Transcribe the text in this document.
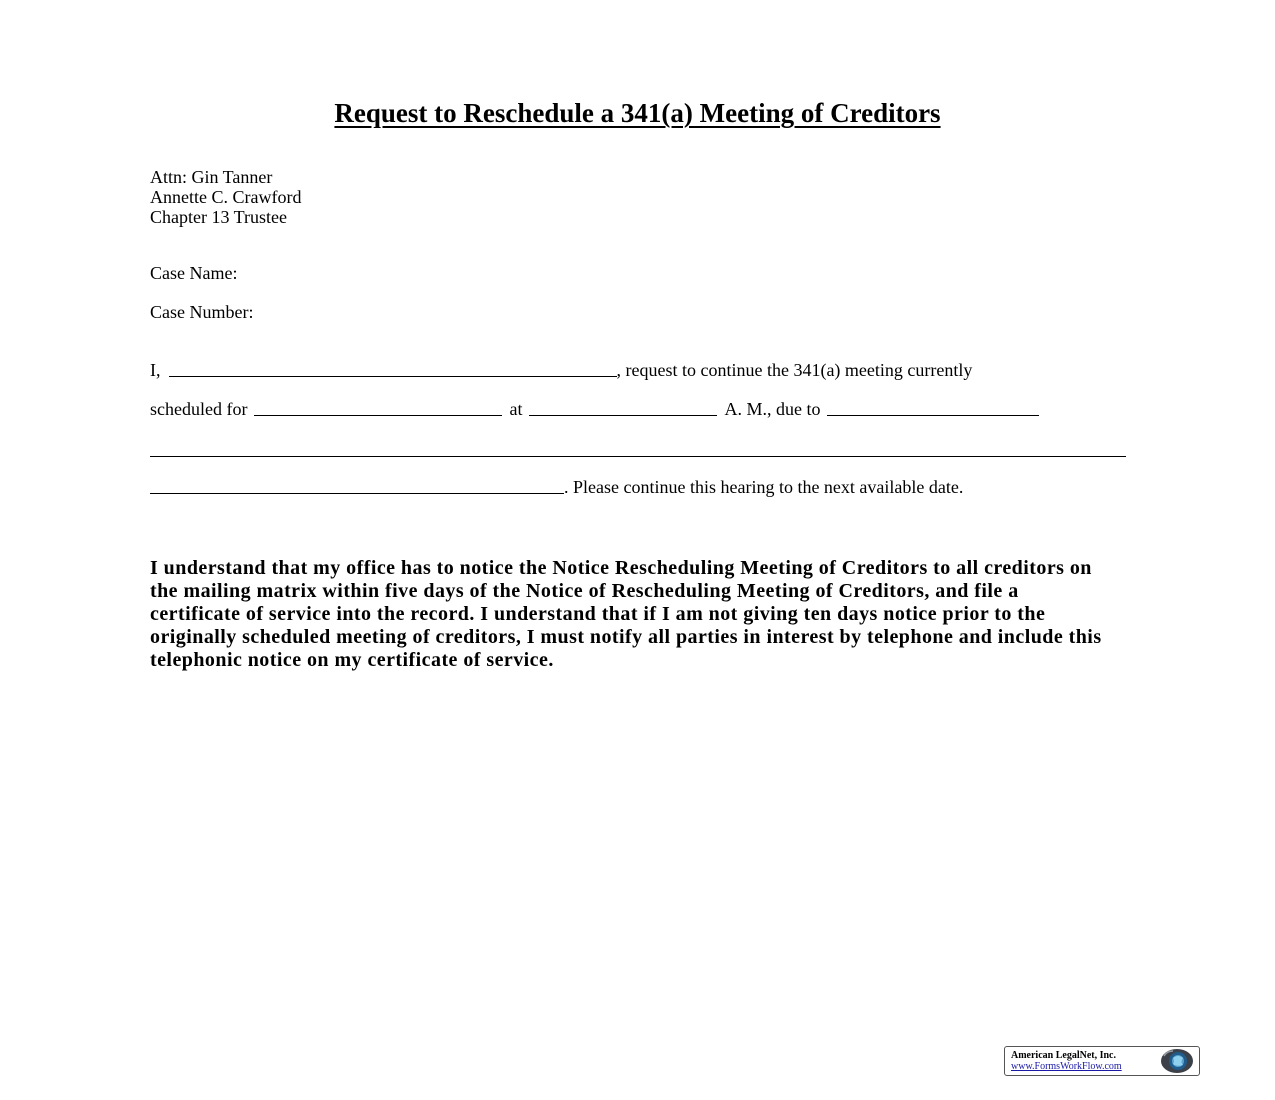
Request to Reschedule a 341(a) Meeting of Creditors
Attn: Gin Tanner
Annette C. Crawford
Chapter 13 Trustee
Case Name:
Case Number:
I,	, request to continue the 341(a) meeting currently
scheduled for	at	A. M., due to
. Please continue this hearing to the next available date.
I understand that my office has to notice the Notice Rescheduling Meeting of Creditors to all creditors on the mailing matrix within five days of the Notice of Rescheduling Meeting of Creditors, and file a certificate of service into the record. I understand that if I am not giving ten days notice prior to the originally scheduled meeting of creditors, I must notify all parties in interest by telephone and include this telephonic notice on my certificate of service.
American LegalNet, Inc.
www.FormsWorkFlow.com
